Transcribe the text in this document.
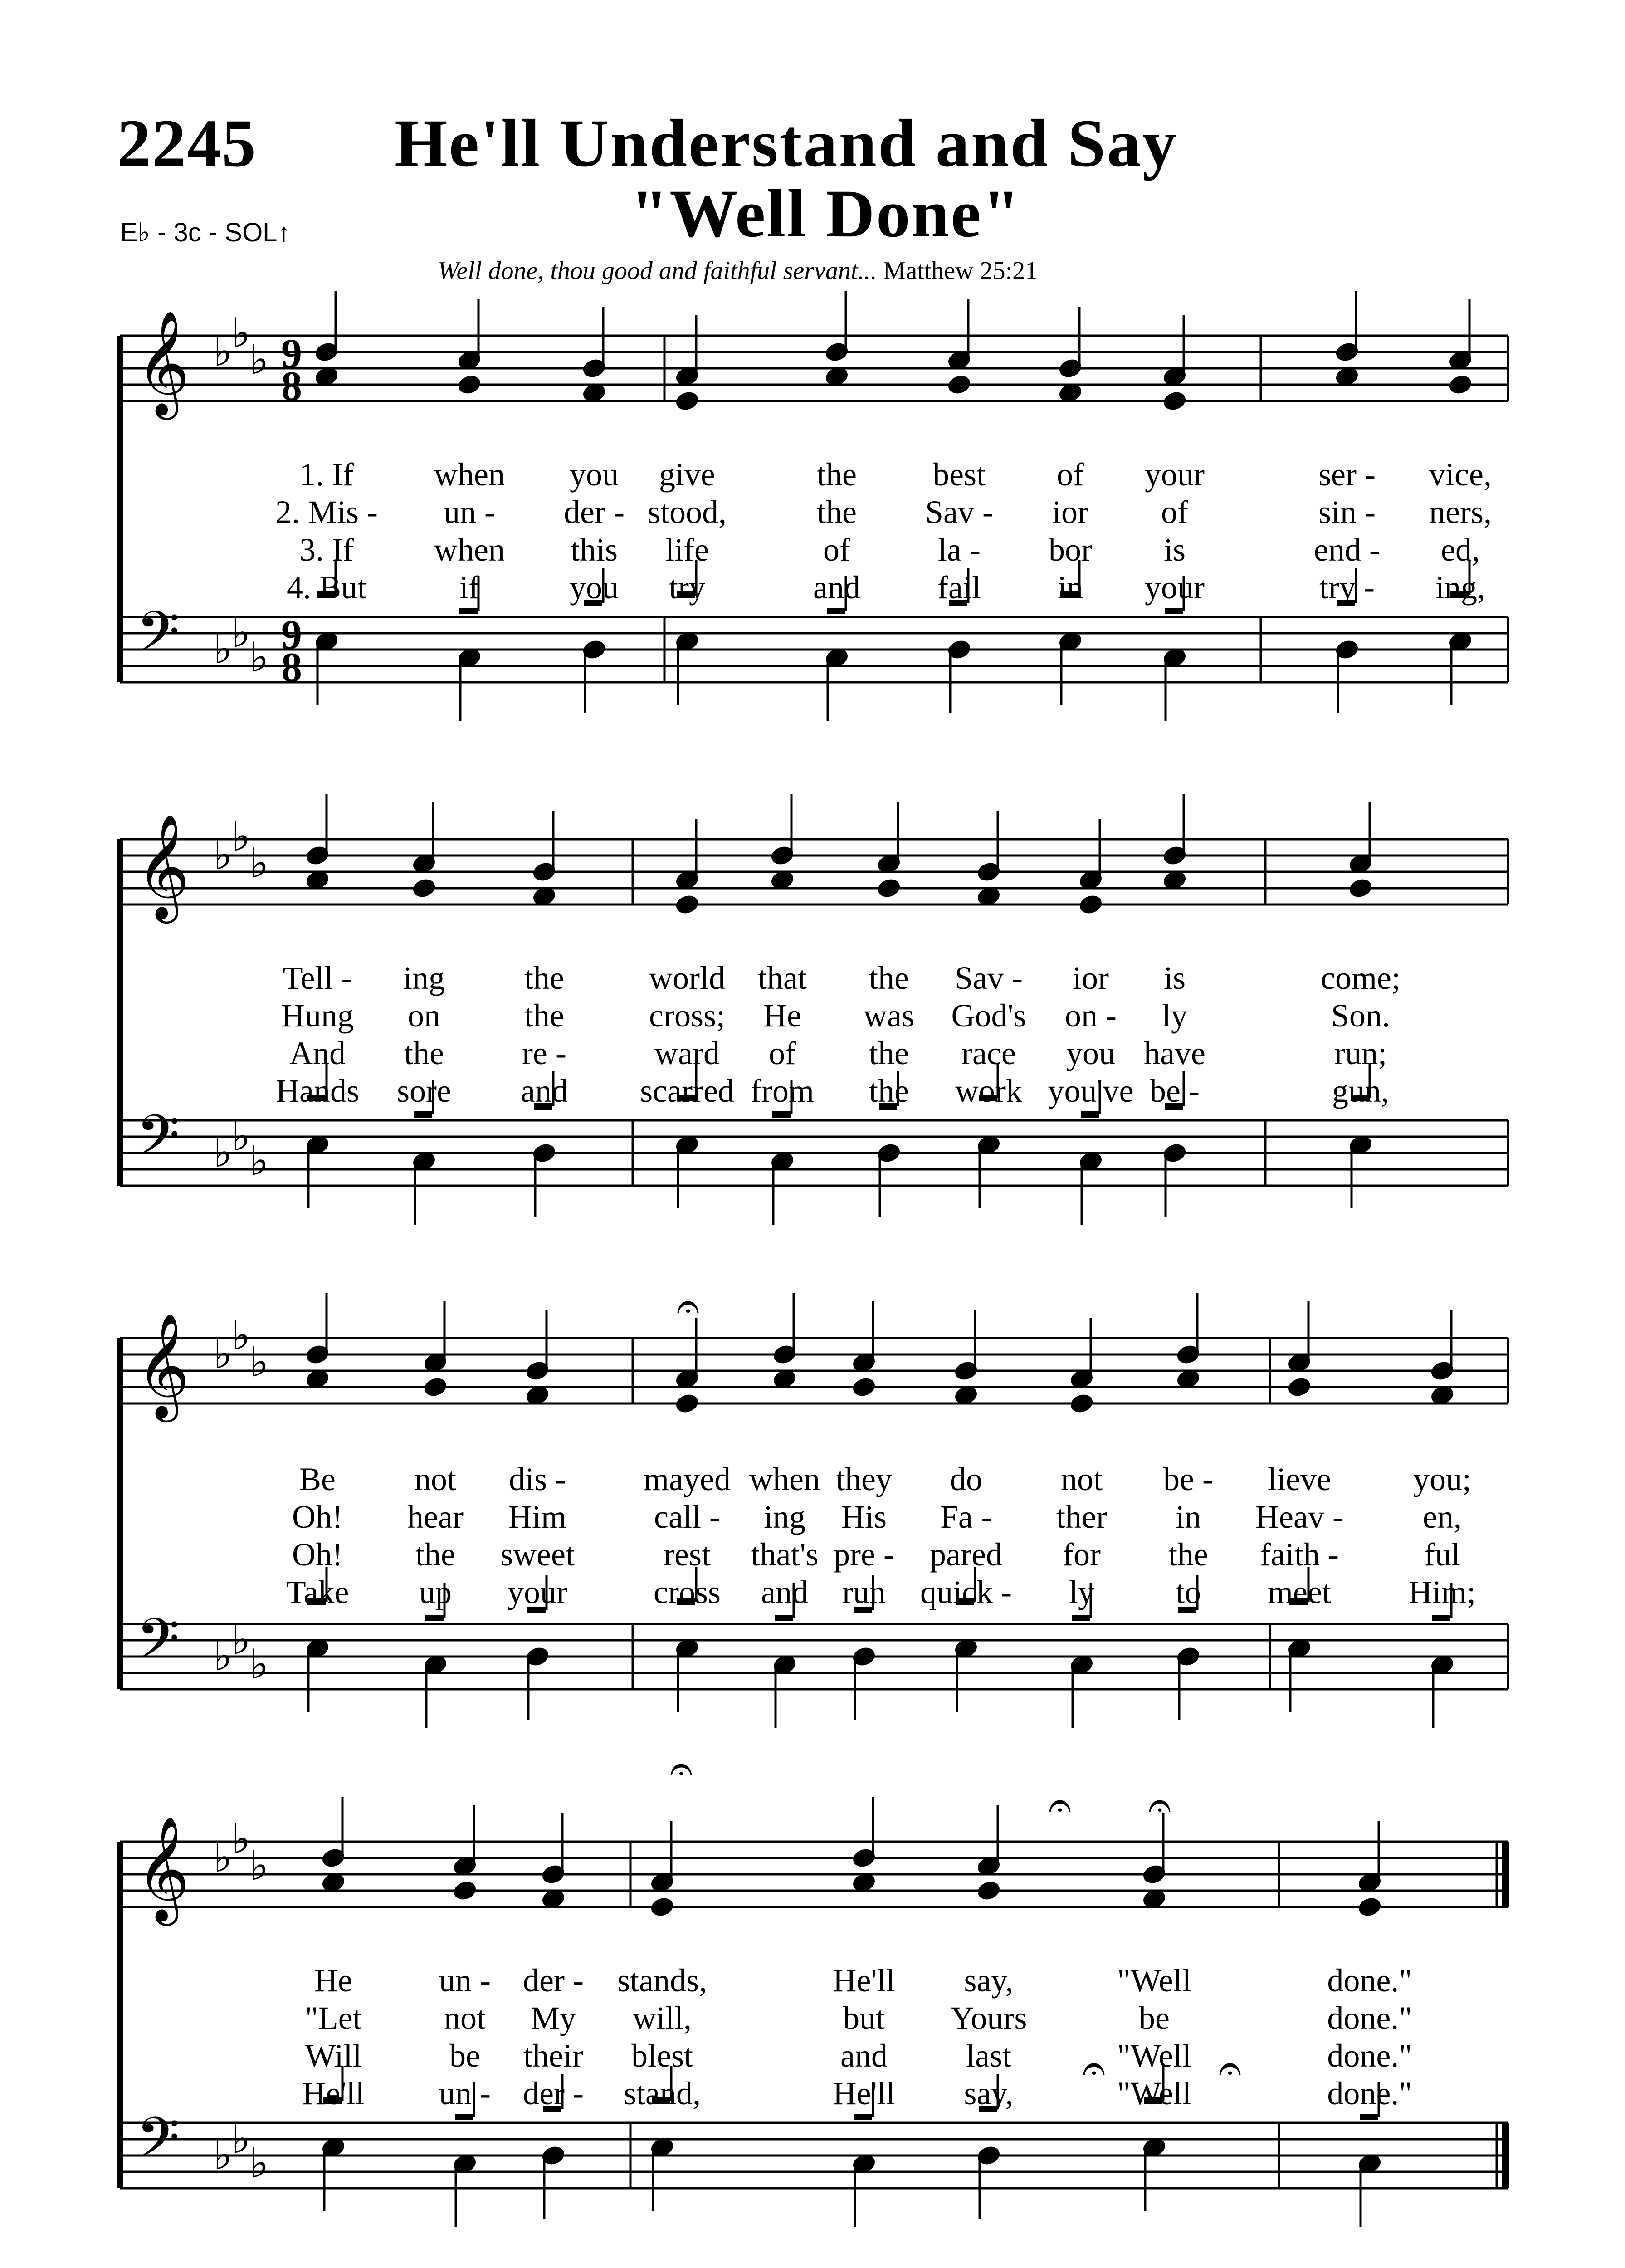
2245 He'll Understand and Say
"Well Done"
E♭ - 3c - SOL↑
Well done, thou good and faithful servant... Matthew 25:21
𝄞
𝄢
♭
♭
♭
♭
♭
♭
9
8
9
8
𝄞
𝄢
♭
♭
♭
♭
♭
♭
𝄞
𝄢
♭
♭
♭
♭
♭
♭
𝄞
𝄢
♭
♭
♭
♭
♭
♭
𝄐
𝄐 𝄐
𝄐
𝄐	𝄐
1. If when you give	the best of your	ser - vice,
2. Mis - un - der - stood,	the Sav - ior of	sin - ners,
3. If when this life	of	la - bor is	end - ed,
4. But	if	you try	and fail in your	try - ing,
Tell - ing the	world that the Sav - ior is	come;
Hung on	the	cross; He was God's on - ly	Son.
And the re -	ward of the race you have	run;
Hands sore and scarred from the work you've be -	gun,
Be not dis - mayed when they do not be - lieve	you;
Oh! hear Him	call - ing His Fa - ther in Heav - en,
Oh! the sweet	rest that's pre - pared for the faith -	ful
Take up your	cross and run quick - ly to meet Him;
He	un - der - stands,	He'll say,	"Well	done."
"Let	not My will,	but Yours	be	done."
Will	be their blest	and last	"Well	done."
He'll un - der - stand,	He'll say,	"Well	done."
